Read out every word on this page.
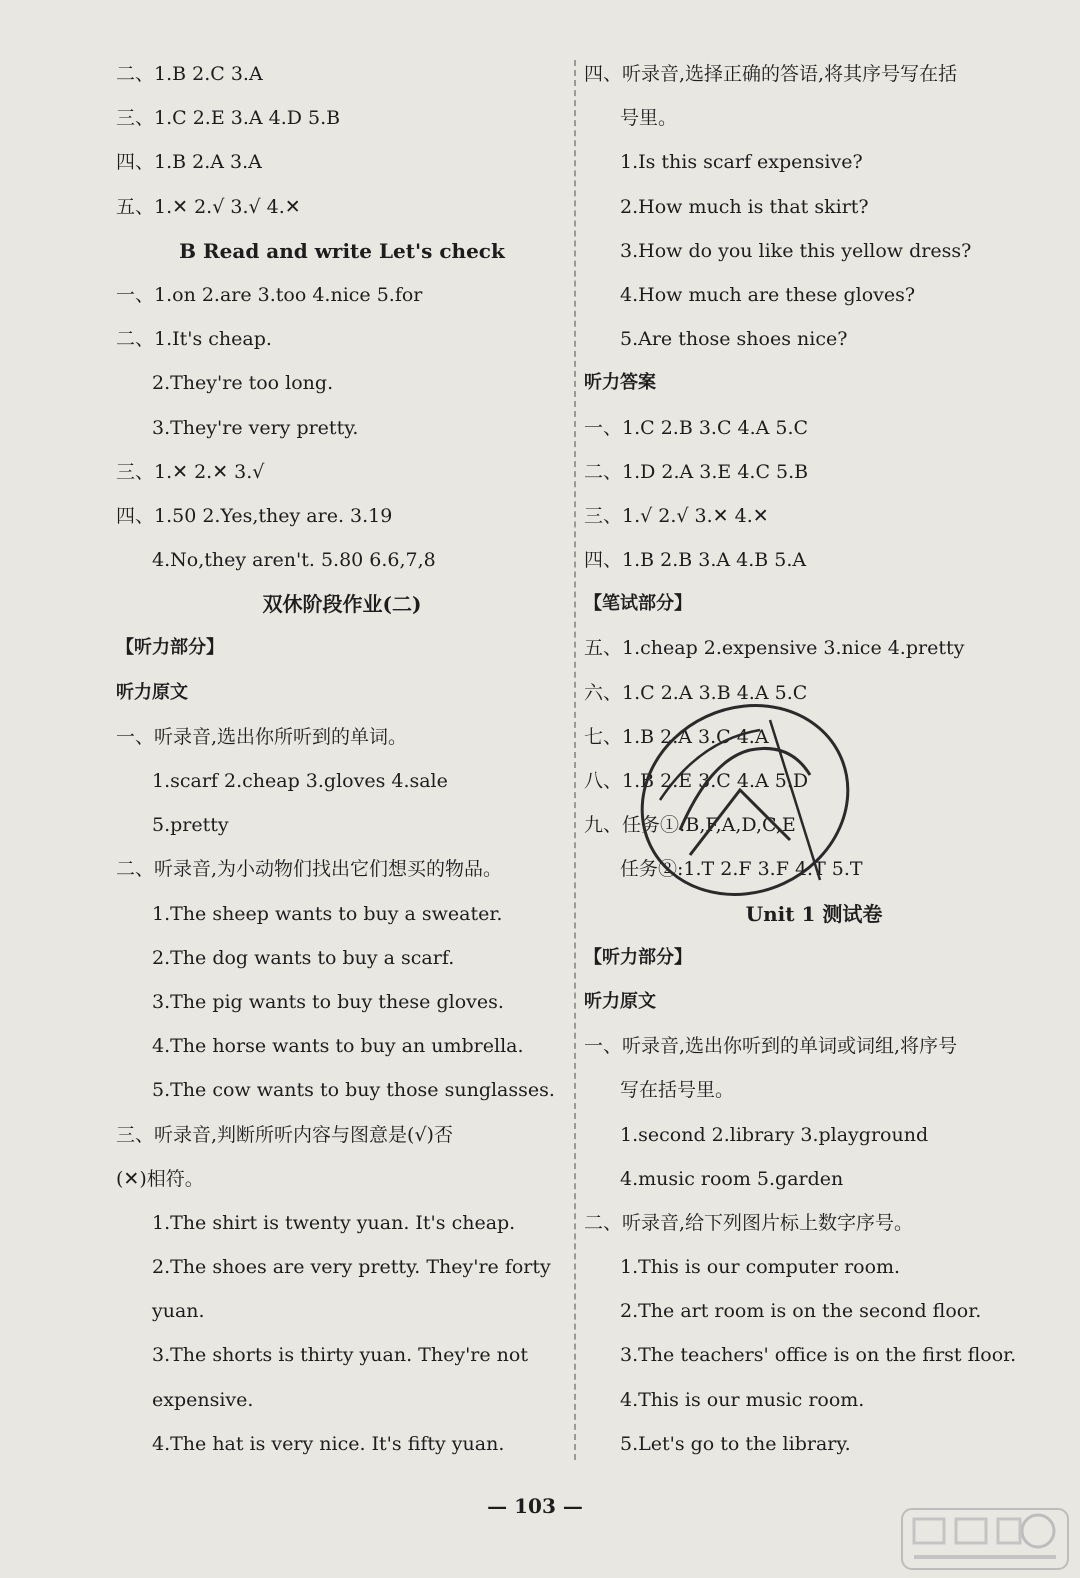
二、1.B 2.C 3.A
三、1.C 2.E 3.A 4.D 5.B
四、1.B 2.A 3.A
五、1.✕ 2.√ 3.√ 4.✕
B Read and write Let's check
一、1.on 2.are 3.too 4.nice 5.for
二、1.It's cheap.
2.They're too long.
3.They're very pretty.
三、1.✕ 2.✕ 3.√
四、1.50 2.Yes,they are. 3.19
4.No,they aren't. 5.80 6.6,7,8
双休阶段作业(二)
【听力部分】
听力原文
一、听录音,选出你所听到的单词。
1.scarf 2.cheap 3.gloves 4.sale
5.pretty
二、听录音,为小动物们找出它们想买的物品。
1.The sheep wants to buy a sweater.
2.The dog wants to buy a scarf.
3.The pig wants to buy these gloves.
4.The horse wants to buy an umbrella.
5.The cow wants to buy those sunglasses.
三、听录音,判断所听内容与图意是(√)否
(✕)相符。
1.The shirt is twenty yuan. It's cheap.
2.The shoes are very pretty. They're forty
yuan.
3.The shorts is thirty yuan. They're not
expensive.
4.The hat is very nice. It's fifty yuan.
四、听录音,选择正确的答语,将其序号写在括
号里。
1.Is this scarf expensive?
2.How much is that skirt?
3.How do you like this yellow dress?
4.How much are these gloves?
5.Are those shoes nice?
听力答案
一、1.C 2.B 3.C 4.A 5.C
二、1.D 2.A 3.E 4.C 5.B
三、1.√ 2.√ 3.✕ 4.✕
四、1.B 2.B 3.A 4.B 5.A
【笔试部分】
五、1.cheap 2.expensive 3.nice 4.pretty
六、1.C 2.A 3.B 4.A 5.C
七、1.B 2.A 3.C 4.A
八、1.B 2.E 3.C 4.A 5.D
九、任务①:B,F,A,D,C,E
任务②:1.T 2.F 3.F 4.T 5.T
Unit 1 测试卷
【听力部分】
听力原文
一、听录音,选出你听到的单词或词组,将序号
写在括号里。
1.second 2.library 3.playground
4.music room 5.garden
二、听录音,给下列图片标上数字序号。
1.This is our computer room.
2.The art room is on the second floor.
3.The teachers' office is on the first floor.
4.This is our music room.
5.Let's go to the library.
— 103 —
